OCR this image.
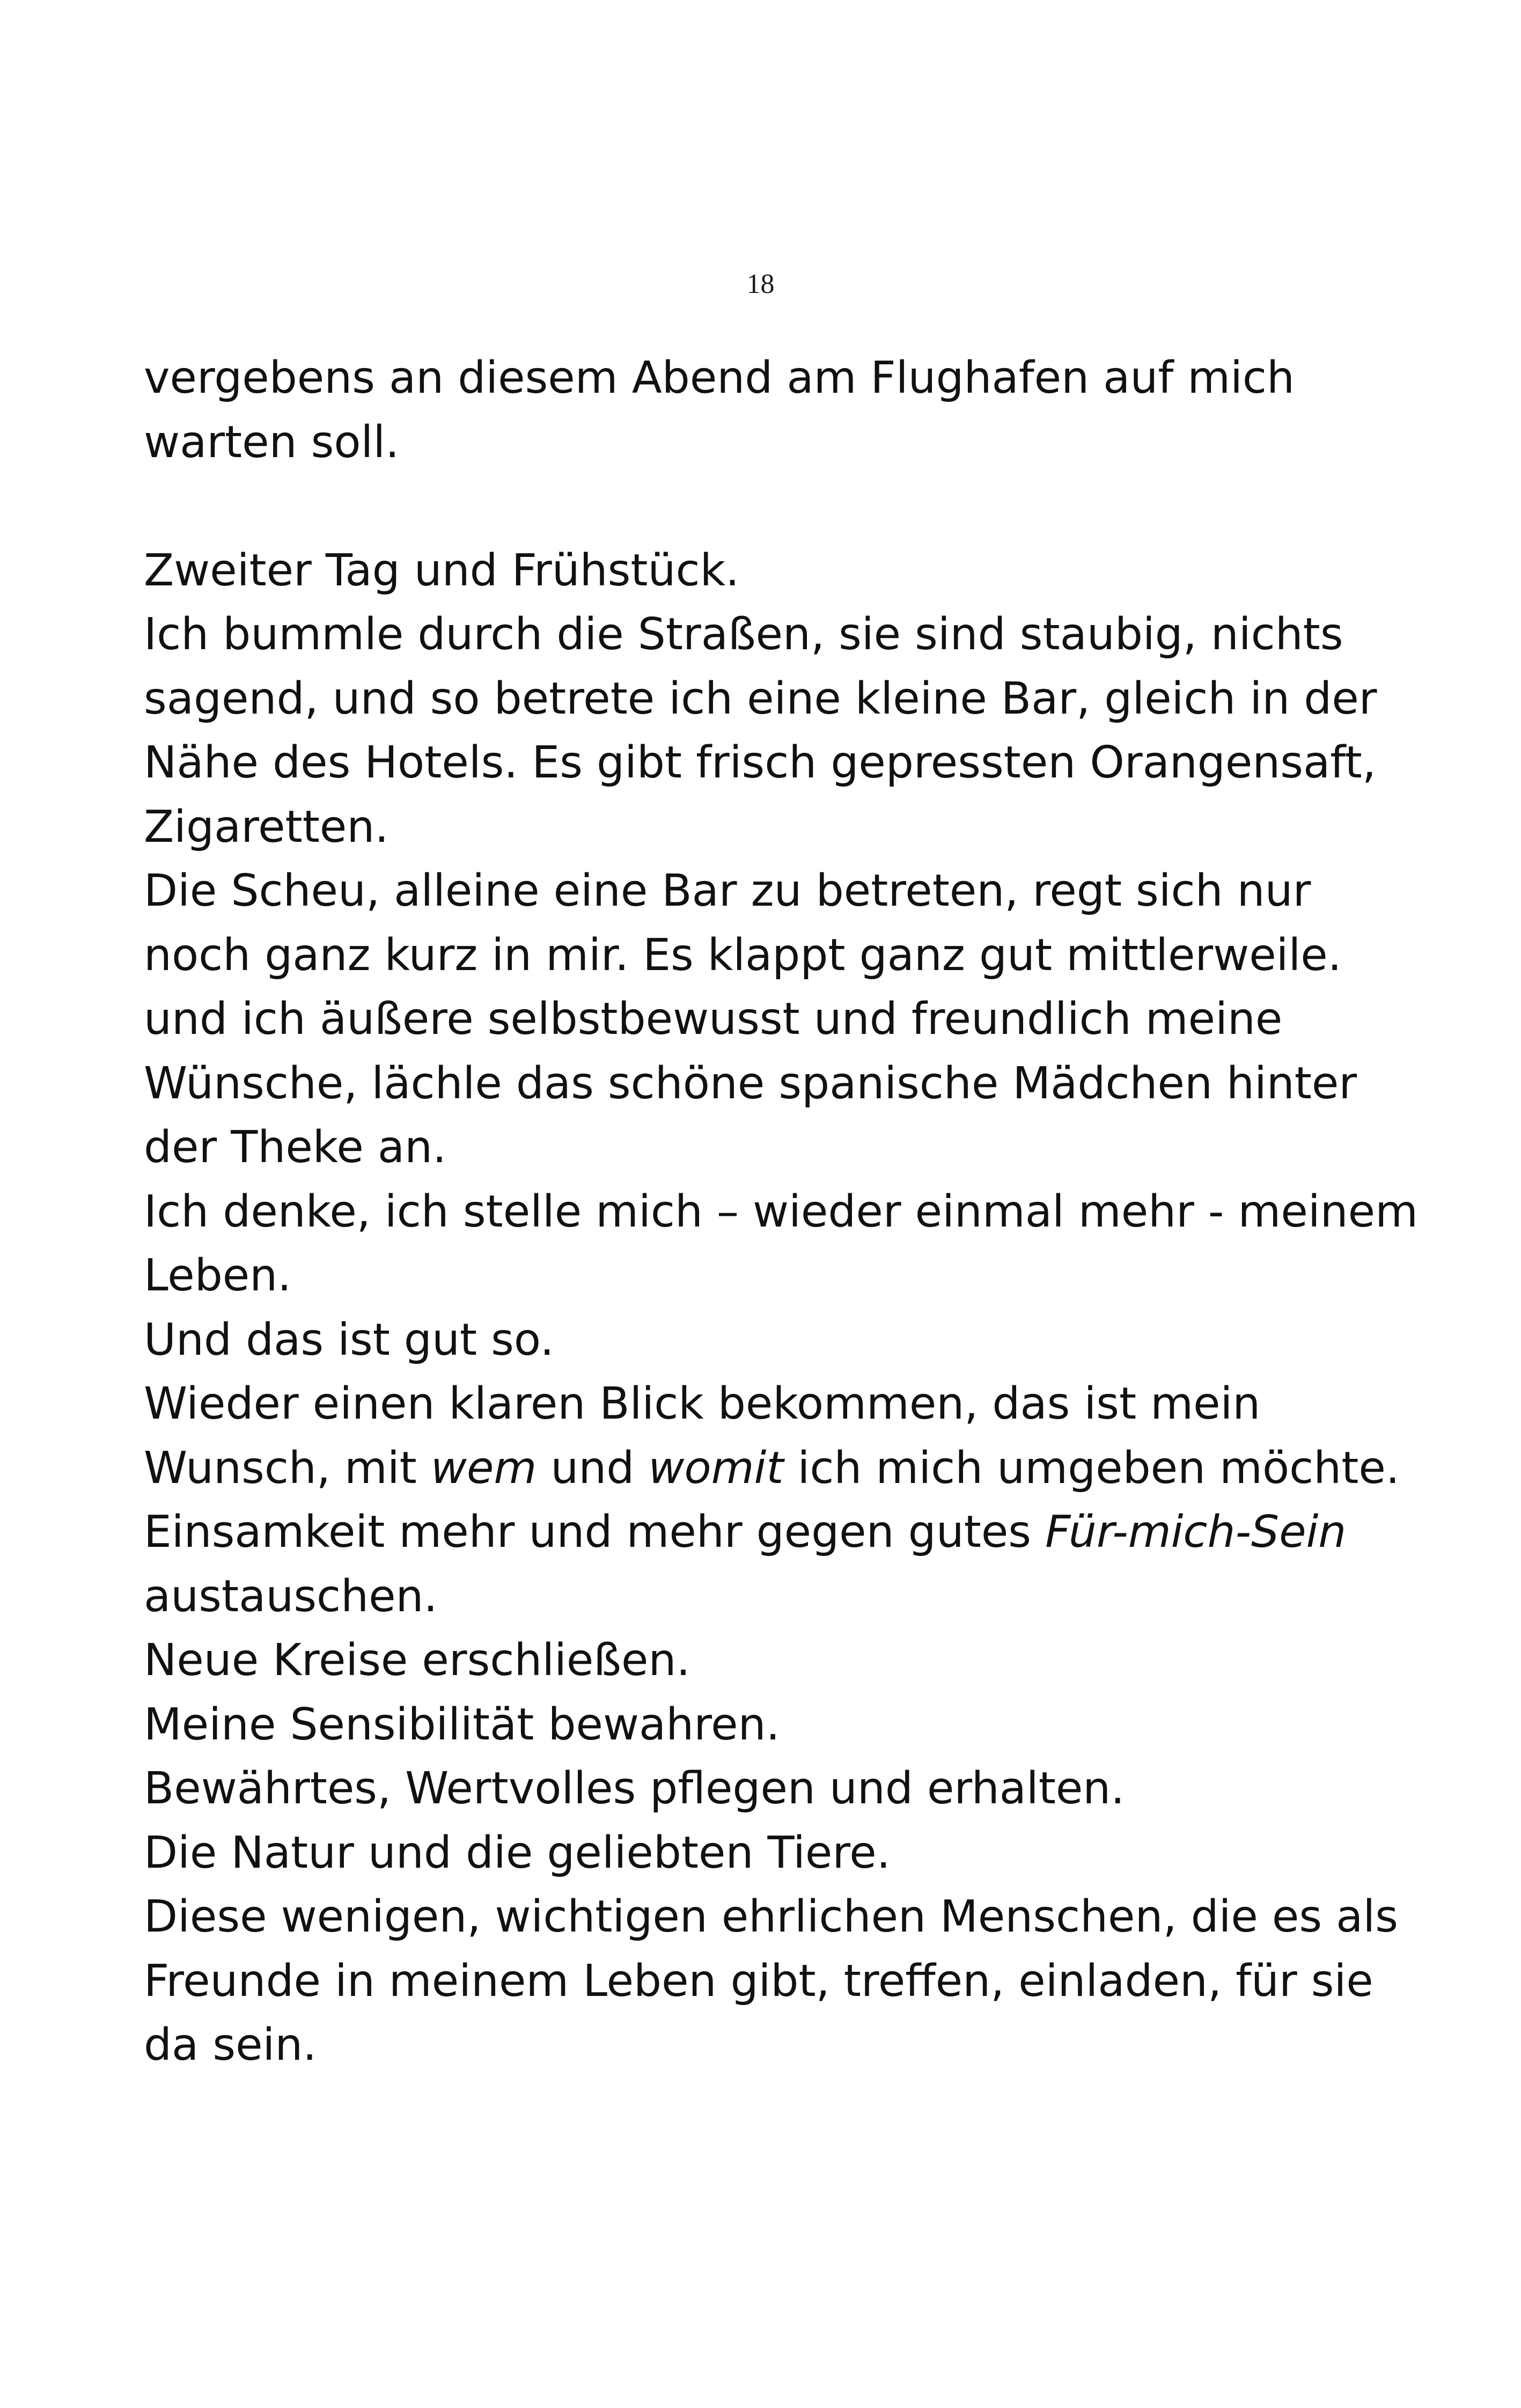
18
vergebens an diesem Abend am Flughafen auf mich
warten soll.
Zweiter Tag und Frühstück.
Ich bummle durch die Straßen, sie sind staubig, nichts
sagend, und so betrete ich eine kleine Bar, gleich in der
Nähe des Hotels. Es gibt frisch gepressten Orangensaft,
Zigaretten.
Die Scheu, alleine eine Bar zu betreten, regt sich nur
noch ganz kurz in mir. Es klappt ganz gut mittlerweile.
und ich äußere selbstbewusst und freundlich meine
Wünsche, lächle das schöne spanische Mädchen hinter
der Theke an.
Ich denke, ich stelle mich – wieder einmal mehr - meinem
Leben.
Und das ist gut so.
Wieder einen klaren Blick bekommen, das ist mein
Wunsch, mit wem und womit ich mich umgeben möchte.
Einsamkeit mehr und mehr gegen gutes Für-mich-Sein
austauschen.
Neue Kreise erschließen.
Meine Sensibilität bewahren.
Bewährtes, Wertvolles pflegen und erhalten.
Die Natur und die geliebten Tiere.
Diese wenigen, wichtigen ehrlichen Menschen, die es als
Freunde in meinem Leben gibt, treffen, einladen, für sie
da sein.
